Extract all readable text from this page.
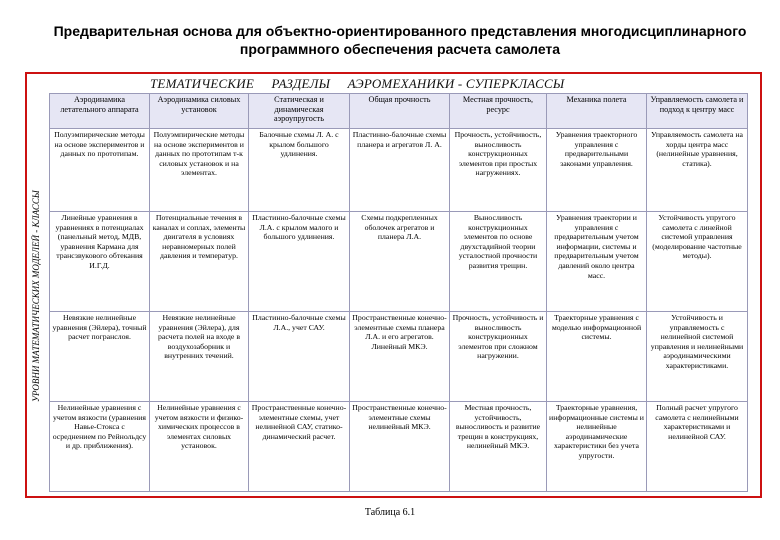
Предварительная основа для объектно-ориентированного представления многодисциплинарного программного обеспечения расчета самолета
ТЕМАТИЧЕСКИЕ РАЗДЕЛЫ АЭРОМЕХАНИКИ - СУПЕРКЛАССЫ
УРОВНИ МАТЕМАТИЧЕСКИХ МОДЕЛЕЙ - КЛАССЫ
Аэродинамика летательного аппарата	Аэродинамика силовых установок	Статическая и динамическая аэроупругость	Общая прочность	Местная прочность, ресурс	Механика полета	Управляемость самолета и подход к центру масс
Полуэмпирические методы на основе экспериментов и данных по прототипам.	Полуэмпирические методы на основе экспериментов и данных по прототипам т-к силовых установок и на элементах.	Балочные схемы Л. А. с крылом большого удлинения.	Пластинно-балочные схемы планера и агрегатов Л. А.	Прочность, устойчивость, выносливость конструкционных элементов при простых нагружениях.	Уравнения траекторного управления с предварительными законами управления.	Управляемость самолета на хорды центра масс (нелинейные уравнения, статика).
Линейные уравнения в уравнениях в потенциалах (панельный метод, МДВ, уравнения Кармана для трансзвукового обтекания И.Г.Д.	Потенциальные течения в каналах и соплах, элементы двигателя в условиях неравномерных полей давления и температур.	Пластинно-балочные схемы Л.А. с крылом малого и большого удлинения.	Схемы подкрепленных оболочек агрегатов и планера Л.А.	Выносливость конструкционных элементов по основе двухстадийной теории усталостной прочности развития трещин.	Уравнения траектории и управления с предварительным учетом информации, системы и предварительным учетом давлений около центра масс.	Устойчивость упругого самолета с линейной системой управления (моделирование частотные методы).
Невязкие нелинейные уравнения (Эйлера), точный расчет погранслоя.	Невязкие нелинейные уравнения (Эйлера), для расчета полей на входе в воздухозаборник и внутренних течений.	Пластинно-балочные схемы Л.А., учет САУ.	Пространственные конечно-элементные схемы планера Л.А. и его агрегатов. Линейный МКЭ.	Прочность, устойчивость и выносливость конструкционных элементов при сложном нагружении.	Траекторные уравнения с моделью информационной системы.	Устойчивость и управляемость с нелинейной системой управления и нелинейными аэродинамическими характеристиками.
Нелинейные уравнения с учетом вязкости (уравнения Навье-Стокса с осреднением по Рейнольдсу и др. приближения).	Нелинейные уравнения с учетом вязкости и физико-химических процессов в элементах силовых установок.	Пространственные конечно-элементные схемы, учет нелинейной САУ, статико-динамический расчет.	Пространственные конечно-элементные схемы нелинейный МКЭ.	Местная прочность, устойчивость, выносливость и развитие трещин в конструкциях, нелинейный МКЭ.	Траекторные уравнения, информационные системы и нелинейные аэродинамические характеристики без учета упругости.	Полный расчет упругого самолета с нелинейными характеристиками и нелинейной САУ.
Таблица 6.1
